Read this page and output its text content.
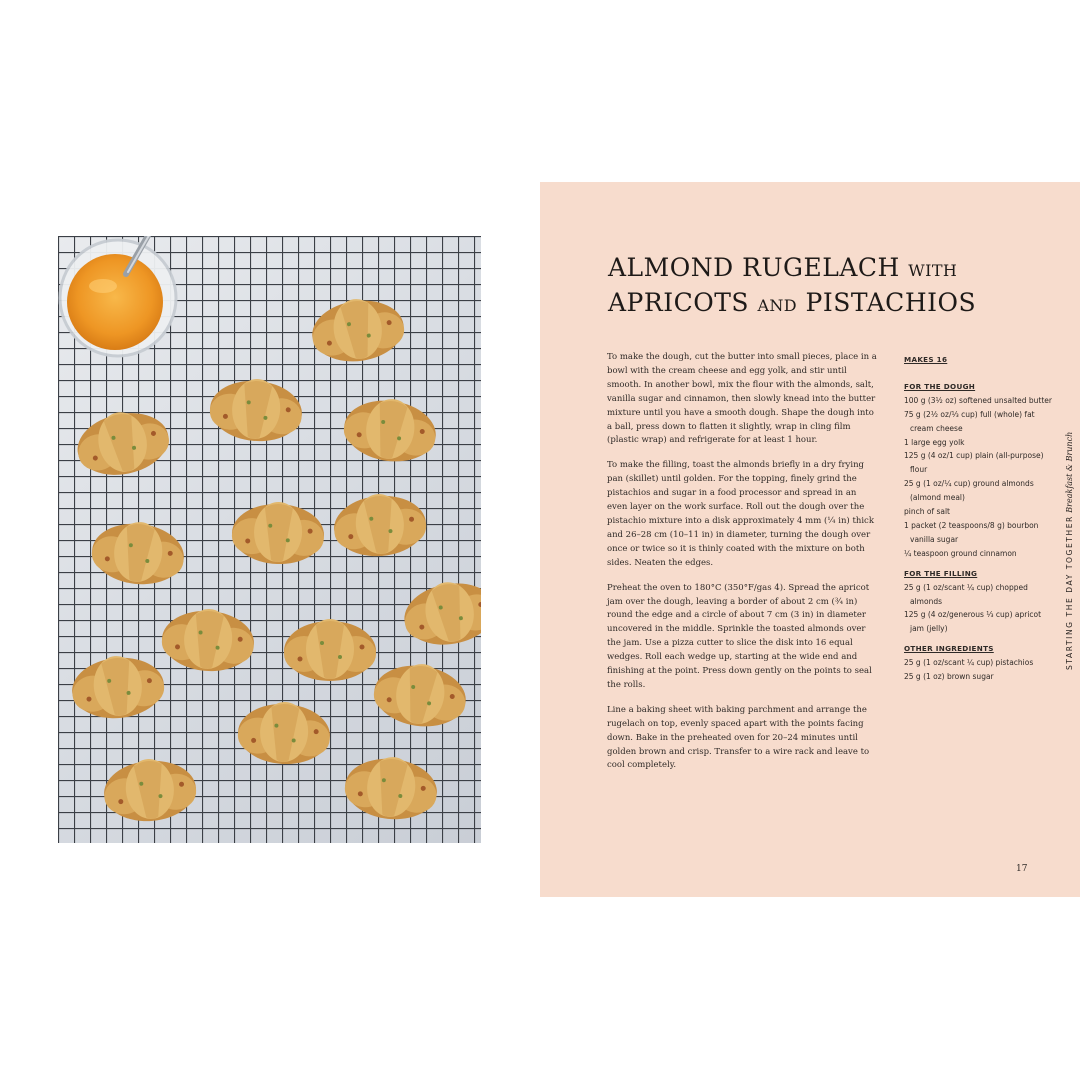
ALMOND RUGELACH WITH
APRICOTS AND PISTACHIOS

To make the dough, cut the butter into small pieces, place in a bowl with the cream cheese and egg yolk, and stir until smooth. In another bowl, mix the flour with the almonds, salt, vanilla sugar and cinnamon, then slowly knead into the butter mixture until you have a smooth dough. Shape the dough into a ball, press down to flatten it slightly, wrap in cling film (plastic wrap) and refrigerate for at least 1 hour.

To make the filling, toast the almonds briefly in a dry frying pan (skillet) until golden. For the topping, finely grind the pistachios and sugar in a food processor and spread in an even layer on the work surface. Roll out the dough over the pistachio mixture into a disk approximately 4 mm (¼ in) thick and 26–28 cm (10–11 in) in diameter, turning the dough over once or twice so it is thinly coated with the mixture on both sides. Neaten the edges.

Preheat the oven to 180°C (350°F/gas 4). Spread the apricot jam over the dough, leaving a border of about 2 cm (¾ in) round the edge and a circle of about 7 cm (3 in) in diameter uncovered in the middle. Sprinkle the toasted almonds over the jam. Use a pizza cutter to slice the disk into 16 equal wedges. Roll each wedge up, starting at the wide end and finishing at the point. Press down gently on the points to seal the rolls.

Line a baking sheet with baking parchment and arrange the rugelach on top, evenly spaced apart with the points facing down. Bake in the preheated oven for 20–24 minutes until golden brown and crisp. Transfer to a wire rack and leave to cool completely.

MAKES 16
FOR THE DOUGH
100 g (3½ oz) softened unsalted butter
75 g (2½ oz/⅓ cup) full (whole) fat cream cheese
1 large egg yolk
125 g (4 oz/1 cup) plain (all-purpose) flour
25 g (1 oz/¼ cup) ground almonds (almond meal)
pinch of salt
1 packet (2 teaspoons/8 g) bourbon vanilla sugar
¼ teaspoon ground cinnamon
FOR THE FILLING
25 g (1 oz/scant ¼ cup) chopped almonds
125 g (4 oz/generous ⅓ cup) apricot jam (jelly)
OTHER INGREDIENTS
25 g (1 oz/scant ¼ cup) pistachios
25 g (1 oz) brown sugar
STARTING THE DAY TOGETHER Breakfast & Brunch
17
